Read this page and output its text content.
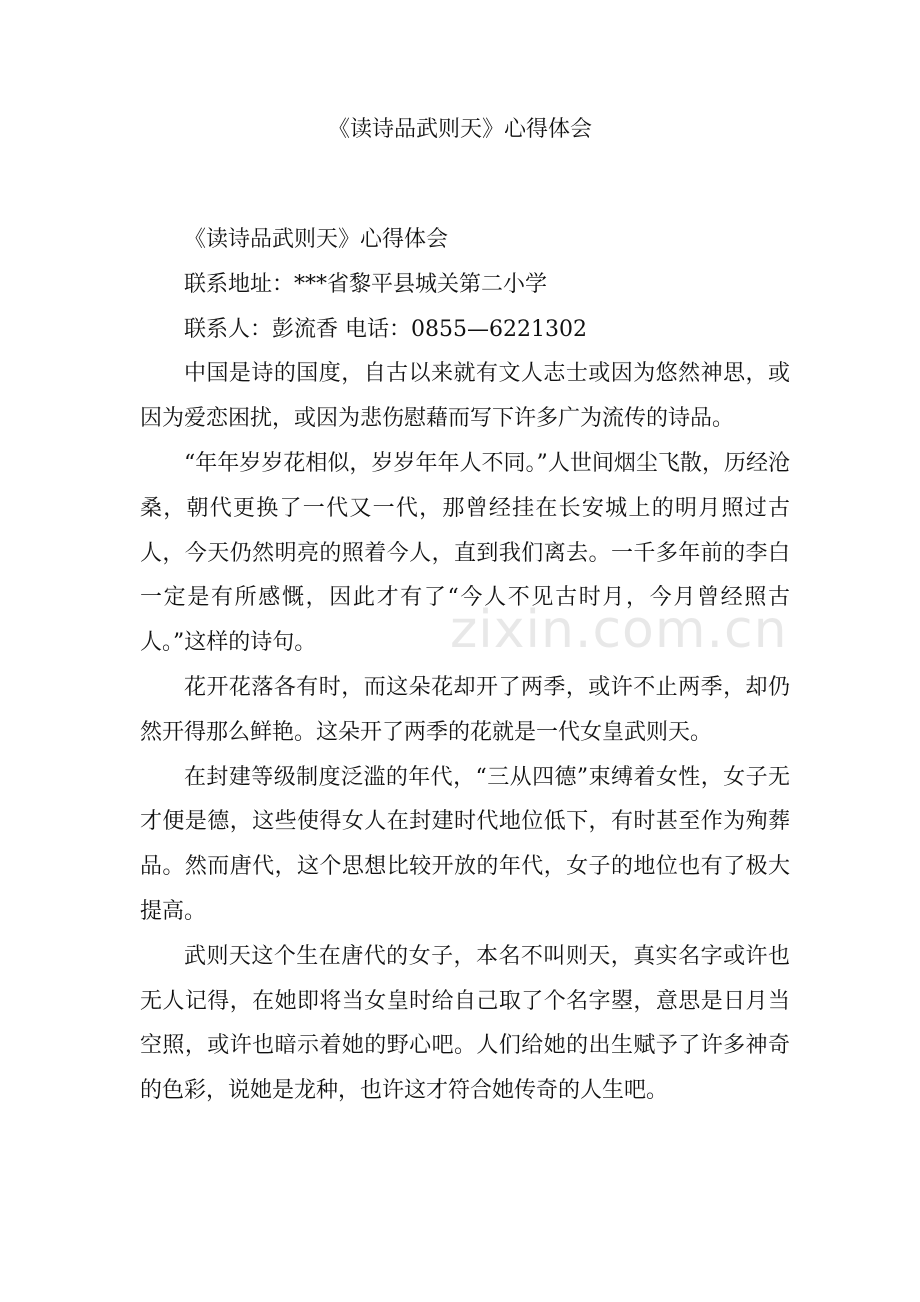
《读诗品武则天》心得体会
《读诗品武则天》心得体会
联系地址：***省黎平县城关第二小学
联系人：彭流香 电话：0855—6221302

中国是诗的国度，自古以来就有文人志士或因为悠然神思，或因为爱恋困扰，或因为悲伤慰藉而写下许多广为流传的诗品。

“年年岁岁花相似，岁岁年年人不同。”人世间烟尘飞散，历经沧桑，朝代更换了一代又一代，那曾经挂在长安城上的明月照过古人，今天仍然明亮的照着今人，直到我们离去。一千多年前的李白一定是有所感慨，因此才有了“今人不见古时月，今月曾经照古人。”这样的诗句。

花开花落各有时，而这朵花却开了两季，或许不止两季，却仍然开得那么鲜艳。这朵开了两季的花就是一代女皇武则天。

在封建等级制度泛滥的年代，“三从四德”束缚着女性，女子无才便是德，这些使得女人在封建时代地位低下，有时甚至作为殉葬品。然而唐代，这个思想比较开放的年代，女子的地位也有了极大提高。

武则天这个生在唐代的女子，本名不叫则天，真实名字或许也无人记得，在她即将当女皇时给自己取了个名字曌，意思是日月当空照，或许也暗示着她的野心吧。人们给她的出生赋予了许多神奇的色彩，说她是龙种，也许这才符合她传奇的人生吧。

zixin.com.cn
